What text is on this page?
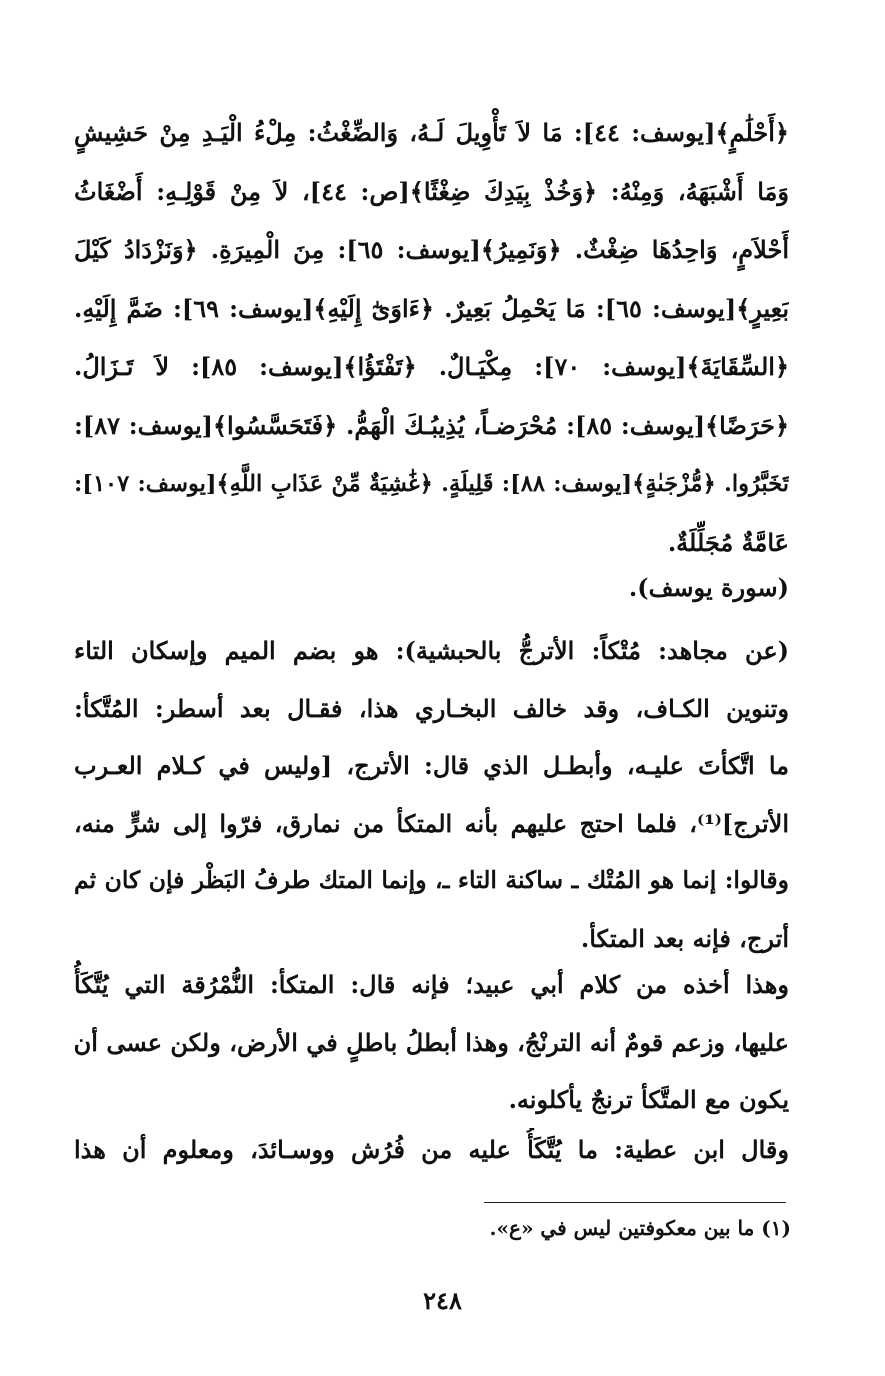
﴿أَحْلَٰمٍ﴾[يوسف: ٤٤]: مَا لاَ تَأْوِيلَ لَـهُ، وَالضِّغْثُ: مِلْءُ الْيَـدِ مِنْ حَشِيشٍ
وَمَا أَشْبَهَهُ، وَمِنْهُ: ﴿وَخُذْ بِيَدِكَ ضِغْثًا﴾[ص: ٤٤]، لاَ مِنْ قَوْلِـهِ: أَضْغَاثُ
أَحْلاَمٍ، وَاحِدُهَا ضِغْثٌ. ﴿وَنَمِيرُ﴾[يوسف: ٦٥]: مِنَ الْمِيرَةِ. ﴿وَنَزْدَادُ كَيْلَ
بَعِيرٍ﴾[يوسف: ٦٥]: مَا يَحْمِلُ بَعِيرٌ. ﴿ءَاوَىٰٓ إِلَيْهِ﴾[يوسف: ٦٩]: ضَمَّ إِلَيْهِ.
﴿السِّقَايَةَ﴾[يوسف: ٧٠]: مِكْيَـالٌ. ﴿تَفْتَؤُا﴾[يوسف: ٨٥]: لاَ تَـزَالُ.
﴿حَرَضًا﴾[يوسف: ٨٥]: مُحْرَضـاً، يُذِيبُـكَ الْهَمُّ. ﴿فَتَحَسَّسُوا﴾[يوسف: ٨٧]:
تَخَبَّرُوا. ﴿مُّزْجَىٰةٍ﴾[يوسف: ٨٨]: قَلِيلَةٍ. ﴿غَٰشِيَةٌ مِّنْ عَذَابِ اللَّهِ﴾[يوسف: ١٠٧]:
عَامَّةٌ مُجَلِّلَةٌ.
(سورة يوسف).
(عن مجاهد: مُتْكاً: الأترجُّ بالحبشية): هو بضم الميم وإسكان التاء
وتنوين الكـاف، وقد خالف البخـاري هذا، فقـال بعد أسطر: المُتَّكأ:
ما اتَّكأتَ عليـه، وأبطـل الذي قال: الأترج، [وليس في كـلام العـرب
الأترج]⁽¹⁾، فلما احتج عليهم بأنه المتكأ من نمارق، فرّوا إلى شرٍّ منه،
وقالوا: إنما هو المُتْك ـ ساكنة التاء ـ، وإنما المتك طرفُ البَظْر فإن كان ثم
أترج، فإنه بعد المتكأ.
وهذا أخذه من كلام أبي عبيد؛ فإنه قال: المتكأ: النُّمْرُقة التي يُتَّكَأُ
عليها، وزعم قومٌ أنه الترنْجُ، وهذا أبطلُ باطلٍ في الأرض، ولكن عسى أن
يكون مع المتَّكأ ترنجٌ يأكلونه.
وقال ابن عطية: ما يُتَّكَأُ عليه من فُرُش ووسـائدَ، ومعلوم أن هذا
(١) ما بين معكوفتين ليس في «ع».
٢٤٨
